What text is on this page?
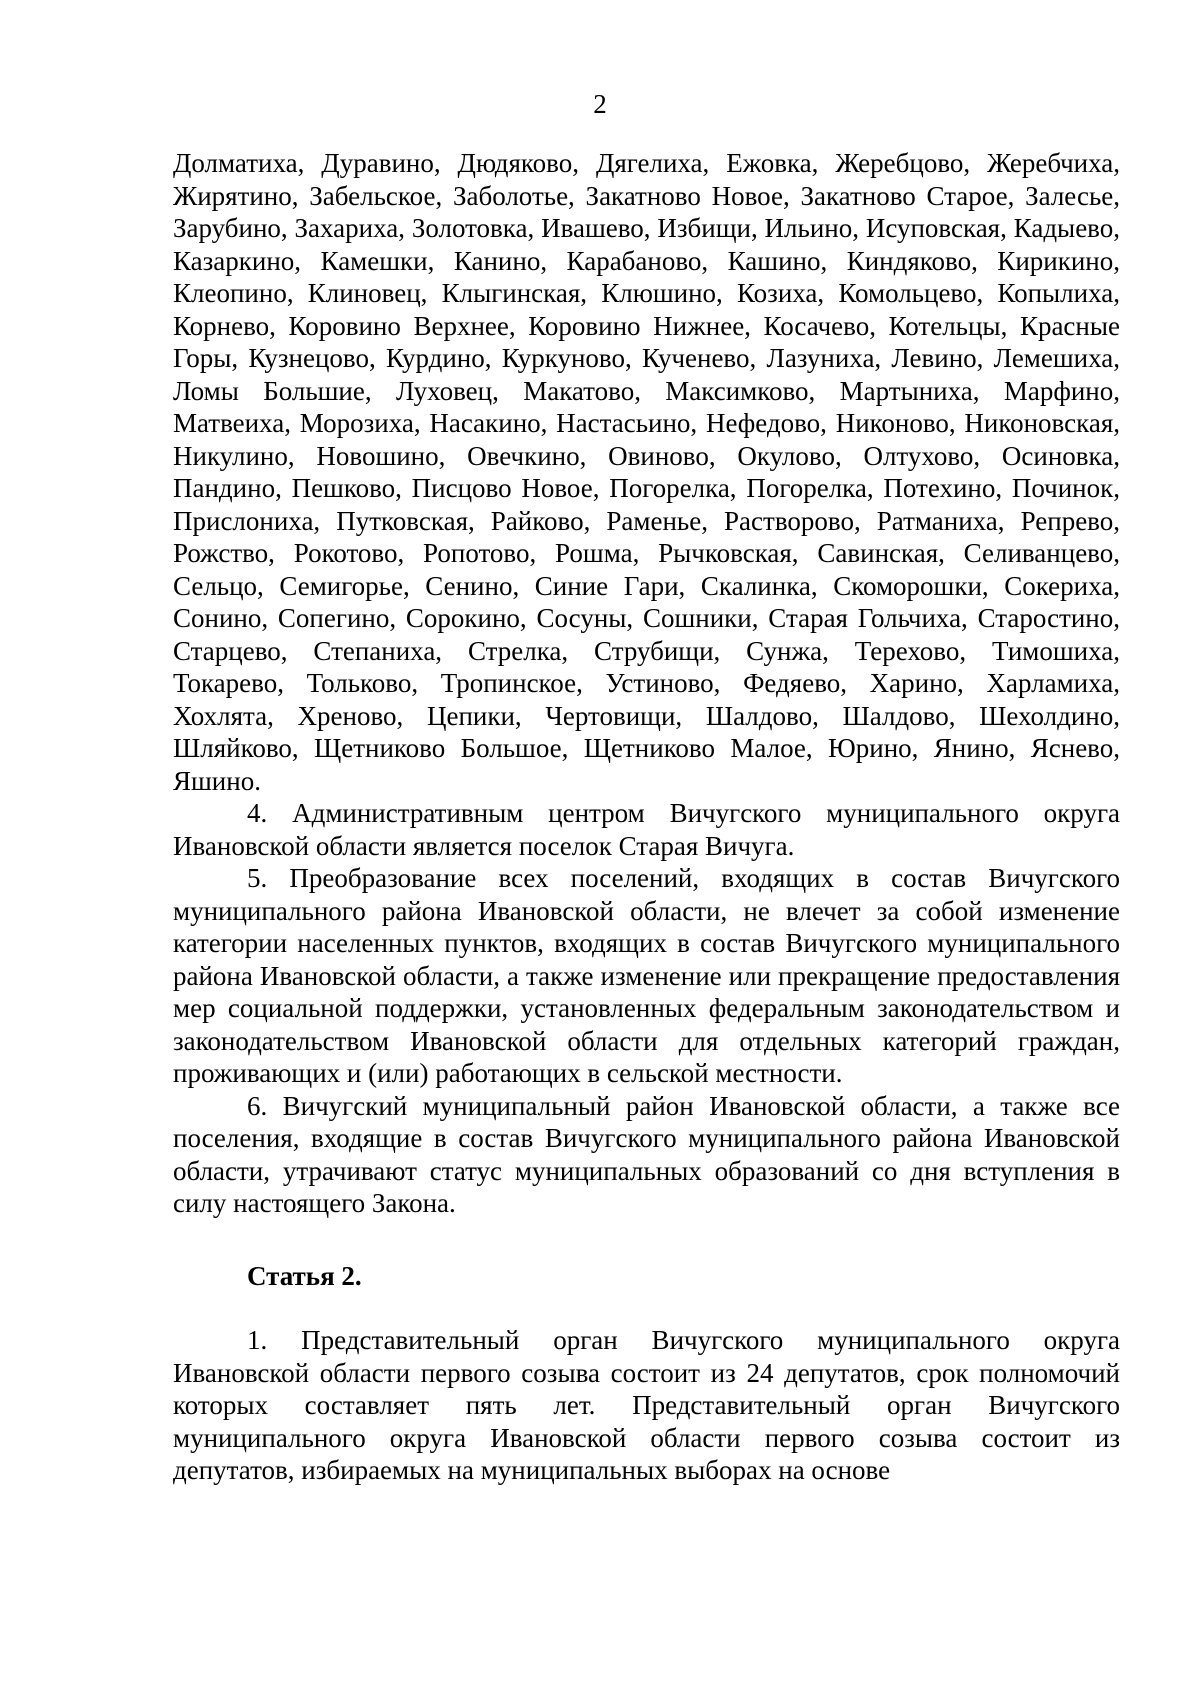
2

Долматиха, Дуравино, Дюдяково, Дягелиха, Ежовка, Жеребцово, Жеребчиха, Жирятино, Забельское, Заболотье, Закатново Новое, Закатново Старое, Залесье, Зарубино, Захариха, Золотовка, Ивашево, Избищи, Ильино, Исуповская, Кадыево, Казаркино, Камешки, Канино, Карабаново, Кашино, Киндяково, Кирикино, Клеопино, Клиновец, Клыгинская, Клюшино, Козиха, Комольцево, Копылиха, Корнево, Коровино Верхнее, Коровино Нижнее, Косачево, Котельцы, Красные Горы, Кузнецово, Курдино, Куркуново, Кученево, Лазуниха, Левино, Лемешиха, Ломы Большие, Луховец, Макатово, Максимково, Мартыниха, Марфино, Матвеиха, Морозиха, Насакино, Настасьино, Нефедово, Никоново, Никоновская, Никулино, Новошино, Овечкино, Овиново, Окулово, Олтухово, Осиновка, Пандино, Пешково, Писцово Новое, Погорелка, Погорелка, Потехино, Починок, Прислониха, Путковская, Райково, Раменье, Растворово, Ратманиха, Репрево, Рожство, Рокотово, Ропотово, Рошма, Рычковская, Савинская, Селиванцево, Сельцо, Семигорье, Сенино, Синие Гари, Скалинка, Скоморошки, Сокериха, Сонино, Сопегино, Сорокино, Сосуны, Сошники, Старая Гольчиха, Старостино, Старцево, Степаниха, Стрелка, Струбищи, Сунжа, Терехово, Тимошиха, Токарево, Тольково, Тропинское, Устиново, Федяево, Харино, Харламиха, Хохлята, Хреново, Цепики, Чертовищи, Шалдово, Шалдово, Шехолдино, Шляйково, Щетниково Большое, Щетниково Малое, Юрино, Янино, Яснево, Яшино.

4. Административным центром Вичугского муниципального округа Ивановской области является поселок Старая Вичуга.

5. Преобразование всех поселений, входящих в состав Вичугского муниципального района Ивановской области, не влечет за собой изменение категории населенных пунктов, входящих в состав Вичугского муниципального района Ивановской области, а также изменение или прекращение предоставления мер социальной поддержки, установленных федеральным законодательством и законодательством Ивановской области для отдельных категорий граждан, проживающих и (или) работающих в сельской местности.

6. Вичугский муниципальный район Ивановской области, а также все поселения, входящие в состав Вичугского муниципального района Ивановской области, утрачивают статус муниципальных образований со дня вступления в силу настоящего Закона.

Статья 2.

1. Представительный орган Вичугского муниципального округа Ивановской области первого созыва состоит из 24 депутатов, срок полномочий которых составляет пять лет. Представительный орган Вичугского муниципального округа Ивановской области первого созыва состоит из депутатов, избираемых на муниципальных выборах на основе
